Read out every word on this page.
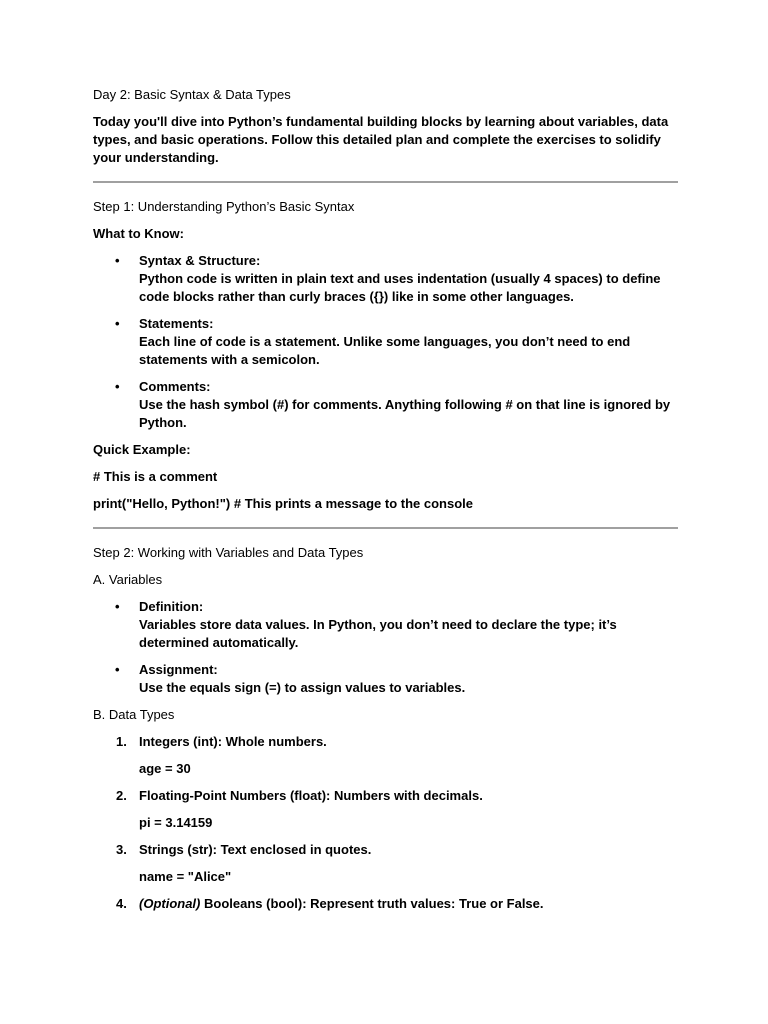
Day 2: Basic Syntax & Data Types

Today you'll dive into Python’s fundamental building blocks by learning about variables, data types, and basic operations. Follow this detailed plan and complete the exercises to solidify your understanding.

Step 1: Understanding Python’s Basic Syntax

What to Know:

• Syntax & Structure:
Python code is written in plain text and uses indentation (usually 4 spaces) to define code blocks rather than curly braces ({}) like in some other languages.
• Statements:
Each line of code is a statement. Unlike some languages, you don’t need to end statements with a semicolon.
• Comments:
Use the hash symbol (#) for comments. Anything following # on that line is ignored by Python.

Quick Example:

# This is a comment

print("Hello, Python!") # This prints a message to the console

Step 2: Working with Variables and Data Types

A. Variables

• Definition:
Variables store data values. In Python, you don’t need to declare the type; it’s determined automatically.
• Assignment:
Use the equals sign (=) to assign values to variables.

B. Data Types

1. Integers (int): Whole numbers.
age = 30
2. Floating-Point Numbers (float): Numbers with decimals.
pi = 3.14159
3. Strings (str): Text enclosed in quotes.
name = "Alice"
4. (Optional) Booleans (bool): Represent truth values: True or False.
